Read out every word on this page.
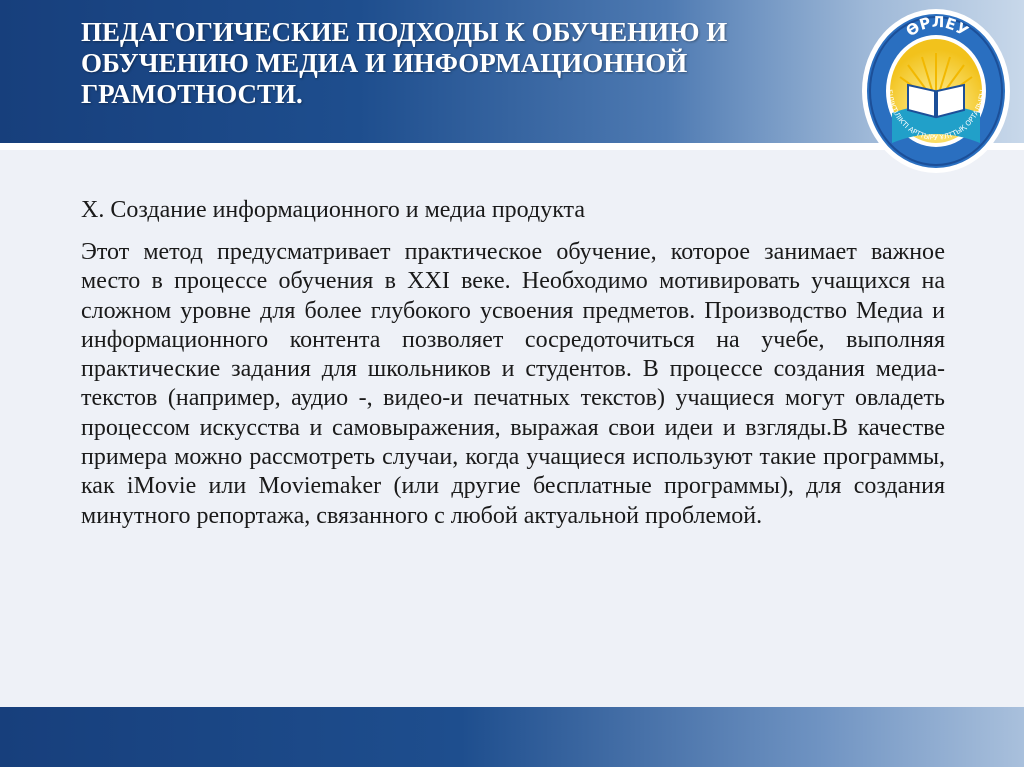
ПЕДАГОГИЧЕСКИЕ ПОДХОДЫ К ОБУЧЕНИЮ И
ОБУЧЕНИЮ МЕДИА И ИНФОРМАЦИОННОЙ
ГРАМОТНОСТИ.
ӨРЛЕУ
БІЛІКТІЛІКТІ АРТТЫРУ ҰЛТТЫҚ ОРТАЛЫҒЫ

X. Создание информационного и медиа продукта

Этот метод предусматривает практическое обучение, которое занимает важное место в процессе обучения в XXI веке. Необходимо мотивировать учащихся на сложном уровне для более глубокого усвоения предметов. Производство Медиа и информационного контента позволяет сосредоточиться на учебе, выполняя практические задания для школьников и студентов. В процессе создания медиа-текстов (например, аудио -, видео-и печатных текстов) учащиеся могут овладеть процессом искусства и самовыражения, выражая свои идеи и взгляды.В качестве примера можно рассмотреть случаи, когда учащиеся используют такие программы, как iMovie или Moviemaker (или другие бесплатные программы), для создания минутного репортажа, связанного с любой актуальной проблемой.
